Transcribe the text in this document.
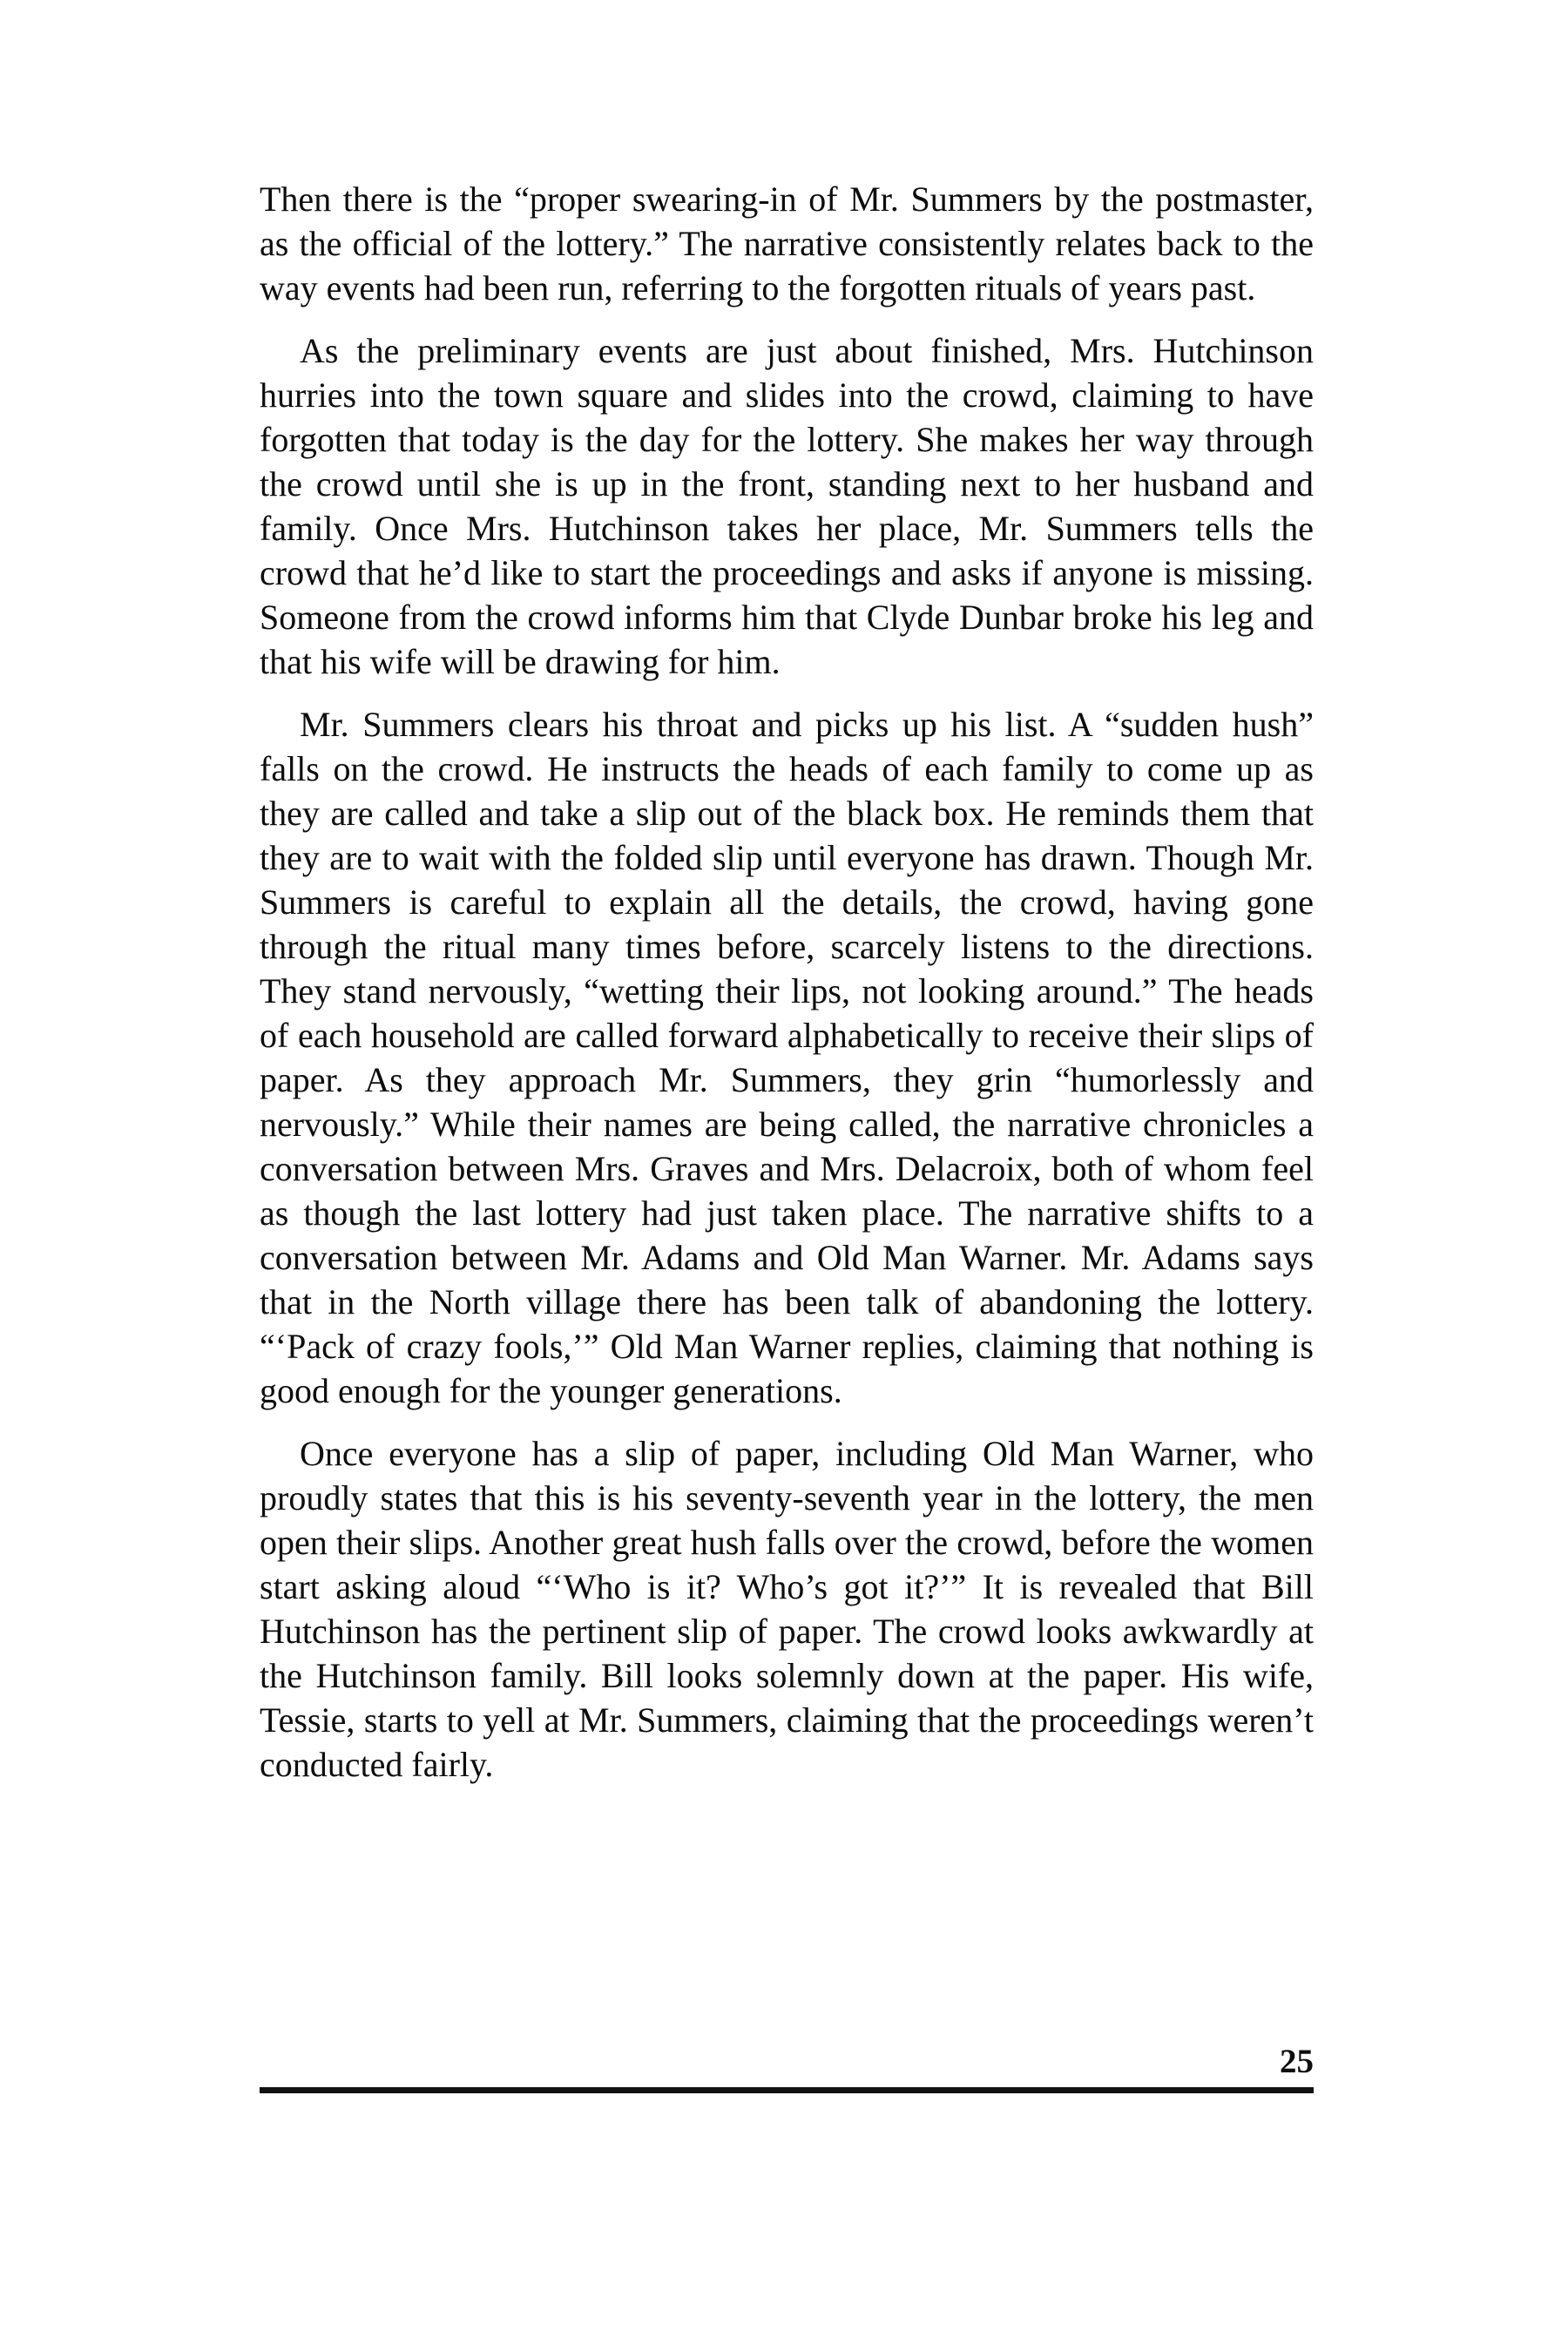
Then there is the “proper swearing-in of Mr. Summers by the postmaster, as the official of the lottery.” The narrative consistently relates back to the way events had been run, referring to the forgotten rituals of years past.

As the preliminary events are just about finished, Mrs. Hutchinson hurries into the town square and slides into the crowd, claiming to have forgotten that today is the day for the lottery. She makes her way through the crowd until she is up in the front, standing next to her husband and family. Once Mrs. Hutchinson takes her place, Mr. Summers tells the crowd that he’d like to start the proceedings and asks if anyone is missing. Someone from the crowd informs him that Clyde Dunbar broke his leg and that his wife will be drawing for him.

Mr. Summers clears his throat and picks up his list. A “sudden hush” falls on the crowd. He instructs the heads of each family to come up as they are called and take a slip out of the black box. He reminds them that they are to wait with the folded slip until everyone has drawn. Though Mr. Summers is careful to explain all the details, the crowd, having gone through the ritual many times before, scarcely listens to the directions. They stand nervously, “wetting their lips, not looking around.” The heads of each household are called forward alphabetically to receive their slips of paper. As they approach Mr. Summers, they grin “humorlessly and nervously.” While their names are being called, the narrative chronicles a conversation between Mrs. Graves and Mrs. Delacroix, both of whom feel as though the last lottery had just taken place. The narrative shifts to a conversation between Mr. Adams and Old Man Warner. Mr. Adams says that in the North village there has been talk of abandoning the lottery. “‘Pack of crazy fools,’” Old Man Warner replies, claiming that nothing is good enough for the younger generations.

Once everyone has a slip of paper, including Old Man Warner, who proudly states that this is his seventy-seventh year in the lottery, the men open their slips. Another great hush falls over the crowd, before the women start asking aloud “‘Who is it? Who’s got it?’” It is revealed that Bill Hutchinson has the pertinent slip of paper. The crowd looks awkwardly at the Hutchinson family. Bill looks solemnly down at the paper. His wife, Tessie, starts to yell at Mr. Summers, claiming that the proceedings weren’t conducted fairly.

25
